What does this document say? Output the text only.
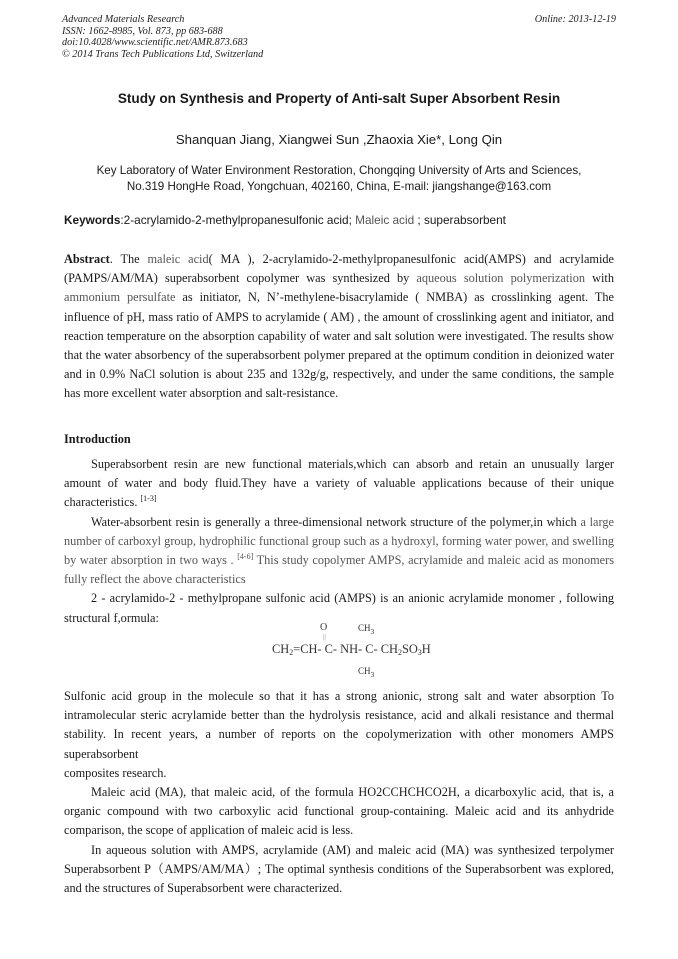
Advanced Materials Research
ISSN: 1662-8985, Vol. 873, pp 683-688
doi:10.4028/www.scientific.net/AMR.873.683
© 2014 Trans Tech Publications Ltd, Switzerland
Online: 2013-12-19
Study on Synthesis and Property of Anti-salt Super Absorbent Resin
Shanquan Jiang, Xiangwei Sun ,Zhaoxia Xie*, Long Qin
Key Laboratory of Water Environment Restoration, Chongqing University of Arts and Sciences,
No.319 HongHe Road, Yongchuan, 402160, China, E-mail: jiangshange@163.com
Keywords:2-acrylamido-2-methylpropanesulfonic acid; Maleic acid ; superabsorbent
Abstract. The maleic acid( MA ), 2-acrylamido-2-methylpropanesulfonic acid(AMPS) and acrylamide (PAMPS/AM/MA) superabsorbent copolymer was synthesized by aqueous solution polymerization with ammonium persulfate as initiator, N, N’-methylene-bisacrylamide ( NMBA) as crosslinking agent. The influence of pH, mass ratio of AMPS to acrylamide ( AM) , the amount of crosslinking agent and initiator, and reaction temperature on the absorption capability of water and salt solution were investigated. The results show that the water absorbency of the superabsorbent polymer prepared at the optimum condition in deionized water and in 0.9% NaCl solution is about 235 and 132g/g, respectively, and under the same conditions, the sample has more excellent water absorption and salt-resistance.
Introduction

Superabsorbent resin are new functional materials,which can absorb and retain an unusually larger amount of water and body fluid.They have a variety of valuable applications because of their unique characteristics. [1-3]

Water-absorbent resin is generally a three-dimensional network structure of the polymer,in which a large number of carboxyl group, hydrophilic functional group such as a hydroxyl, forming water power, and swelling by water absorption in two ways . [4-6] This study copolymer AMPS, acrylamide and maleic acid as monomers fully reflect the above characteristics

2 - acrylamido-2 - methylpropane sulfonic acid (AMPS) is an anionic acrylamide monomer , following structural f,ormula:

O
||
$CH_3$
$CH_2=CH-$ C- NH- C- $CH_2SO_3H$
$CH_3$

Sulfonic acid group in the molecule so that it has a strong anionic, strong salt and water absorption To intramolecular steric acrylamide better than the hydrolysis resistance, acid and alkali resistance and thermal stability. In recent years, a number of reports on the copolymerization with other monomers AMPS superabsorbent

composites research.

Maleic acid (MA), that maleic acid, of the formula HO2CCHCHCO2H, a dicarboxylic acid, that is, a organic compound with two carboxylic acid functional group-containing. Maleic acid and its anhydride comparison, the scope of application of maleic acid is less.

In aqueous solution with AMPS, acrylamide (AM) and maleic acid (MA) was synthesized terpolymer Superabsorbent P（AMPS/AM/MA）; The optimal synthesis conditions of the Superabsorbent was explored, and the structures of Superabsorbent were characterized.
